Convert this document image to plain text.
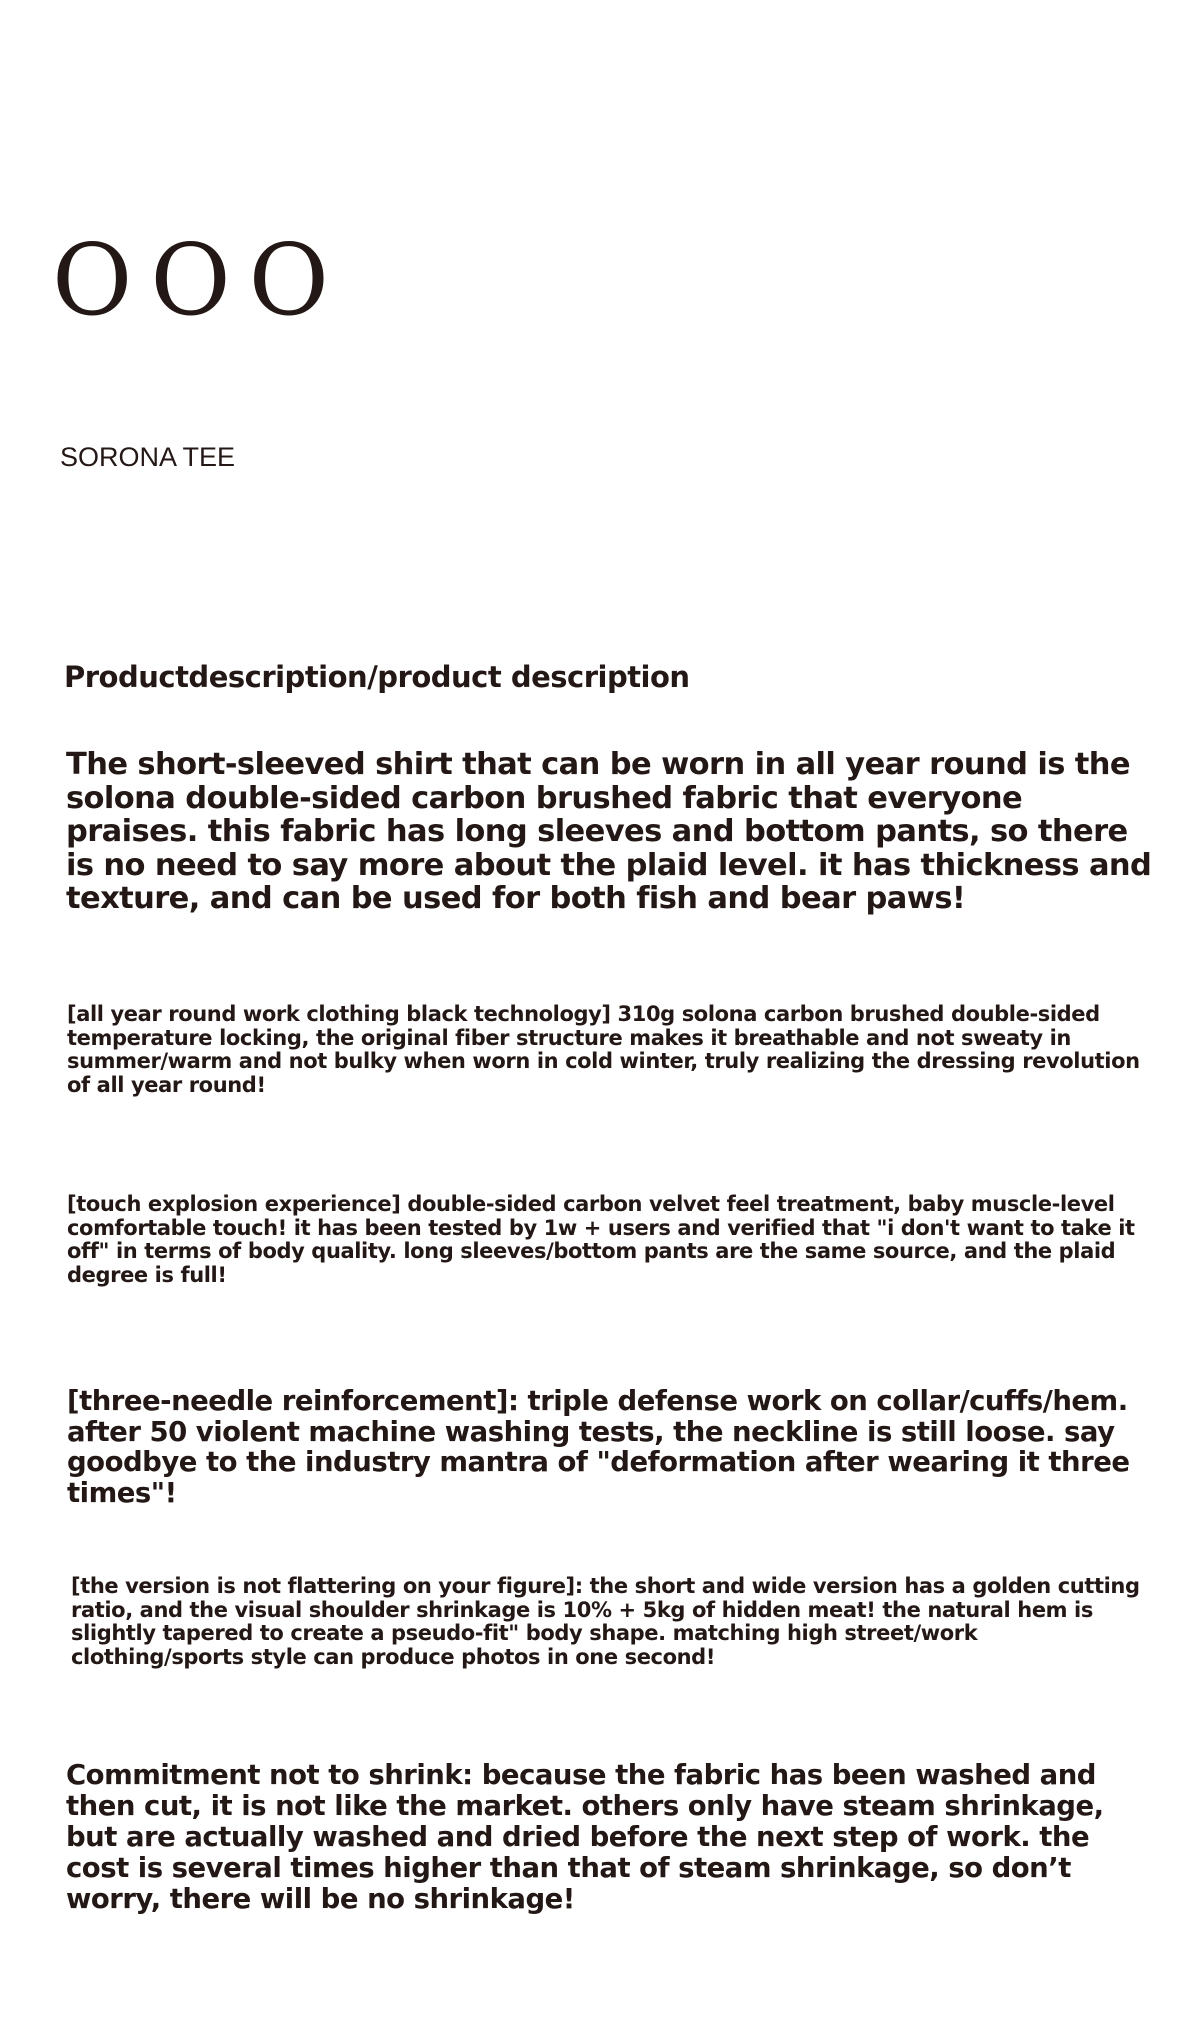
OOO
SORONA TEE
Productdescription/product description

The short-sleeved shirt that can be worn in all year round is the solona double-sided carbon brushed fabric that everyone praises. this fabric has long sleeves and bottom pants, so there is no need to say more about the plaid level. it has thickness and texture, and can be used for both fish and bear paws!

[all year round work clothing black technology] 310g solona carbon brushed double-sided temperature locking, the original fiber structure makes it breathable and not sweaty in summer/warm and not bulky when worn in cold winter, truly realizing the dressing revolution of all year round!

[touch explosion experience] double-sided carbon velvet feel treatment, baby muscle-level comfortable touch! it has been tested by 1w + users and verified that "i don't want to take it off" in terms of body quality. long sleeves/bottom pants are the same source, and the plaid degree is full!

[three-needle reinforcement]: triple defense work on collar/cuffs/hem. after 50 violent machine washing tests, the neckline is still loose. say goodbye to the industry mantra of "deformation after wearing it three times"!

[the version is not flattering on your figure]: the short and wide version has a golden cutting ratio, and the visual shoulder shrinkage is 10% + 5kg of hidden meat! the natural hem is slightly tapered to create a pseudo-fit" body shape. matching high street/work clothing/sports style can produce photos in one second!

Commitment not to shrink: because the fabric has been washed and then cut, it is not like the market. others only have steam shrinkage, but are actually washed and dried before the next step of work. the cost is several times higher than that of steam shrinkage, so don’t worry, there will be no shrinkage!
